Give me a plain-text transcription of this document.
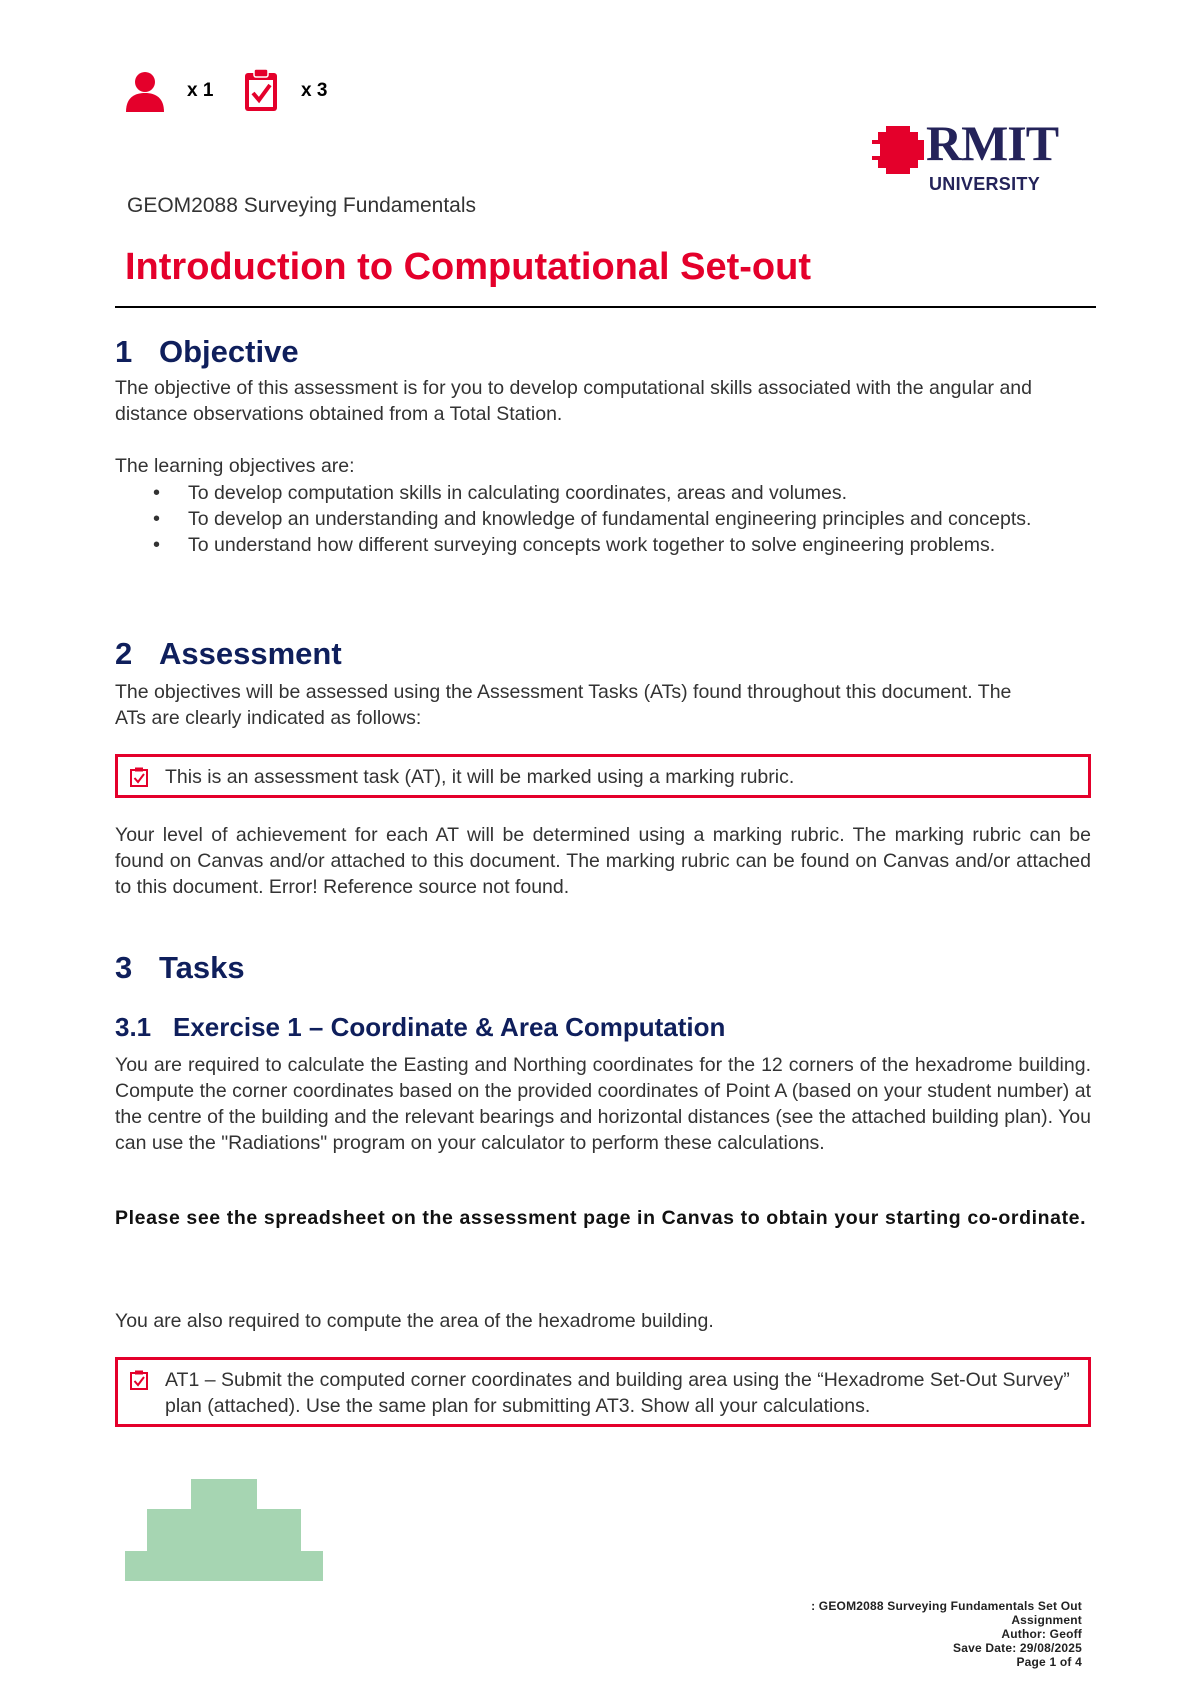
x 1	x 3
RMIT
UNIVERSITY
GEOM2088 Surveying Fundamentals
Introduction to Computational Set-out
1 Objective

The objective of this assessment is for you to develop computational skills associated with the angular and distance observations obtained from a Total Station.

The learning objectives are:

• To develop computation skills in calculating coordinates, areas and volumes.
• To develop an understanding and knowledge of fundamental engineering principles and concepts.
• To understand how different surveying concepts work together to solve engineering problems.
2 Assessment

The objectives will be assessed using the Assessment Tasks (ATs) found throughout this document. The ATs are clearly indicated as follows:

This is an assessment task (AT), it will be marked using a marking rubric.

Your level of achievement for each AT will be determined using a marking rubric. The marking rubric can be found on Canvas and/or attached to this document. The marking rubric can be found on Canvas and/or attached to this document. Error! Reference source not found.

3 Tasks
3.1 Exercise 1 – Coordinate & Area Computation

You are required to calculate the Easting and Northing coordinates for the 12 corners of the hexadrome building. Compute the corner coordinates based on the provided coordinates of Point A (based on your student number) at the centre of the building and the relevant bearings and horizontal distances (see the attached building plan). You can use the "Radiations" program on your calculator to perform these calculations.

Please see the spreadsheet on the assessment page in Canvas to obtain your starting co-ordinate.

You are also required to compute the area of the hexadrome building.

AT1 – Submit the computed corner coordinates and building area using the “Hexadrome Set-Out Survey” plan (attached). Use the same plan for submitting AT3. Show all your calculations.
: GEOM2088 Surveying Fundamentals Set Out
Assignment
Author: Geoff
Save Date: 29/08/2025
Page 1 of 4
